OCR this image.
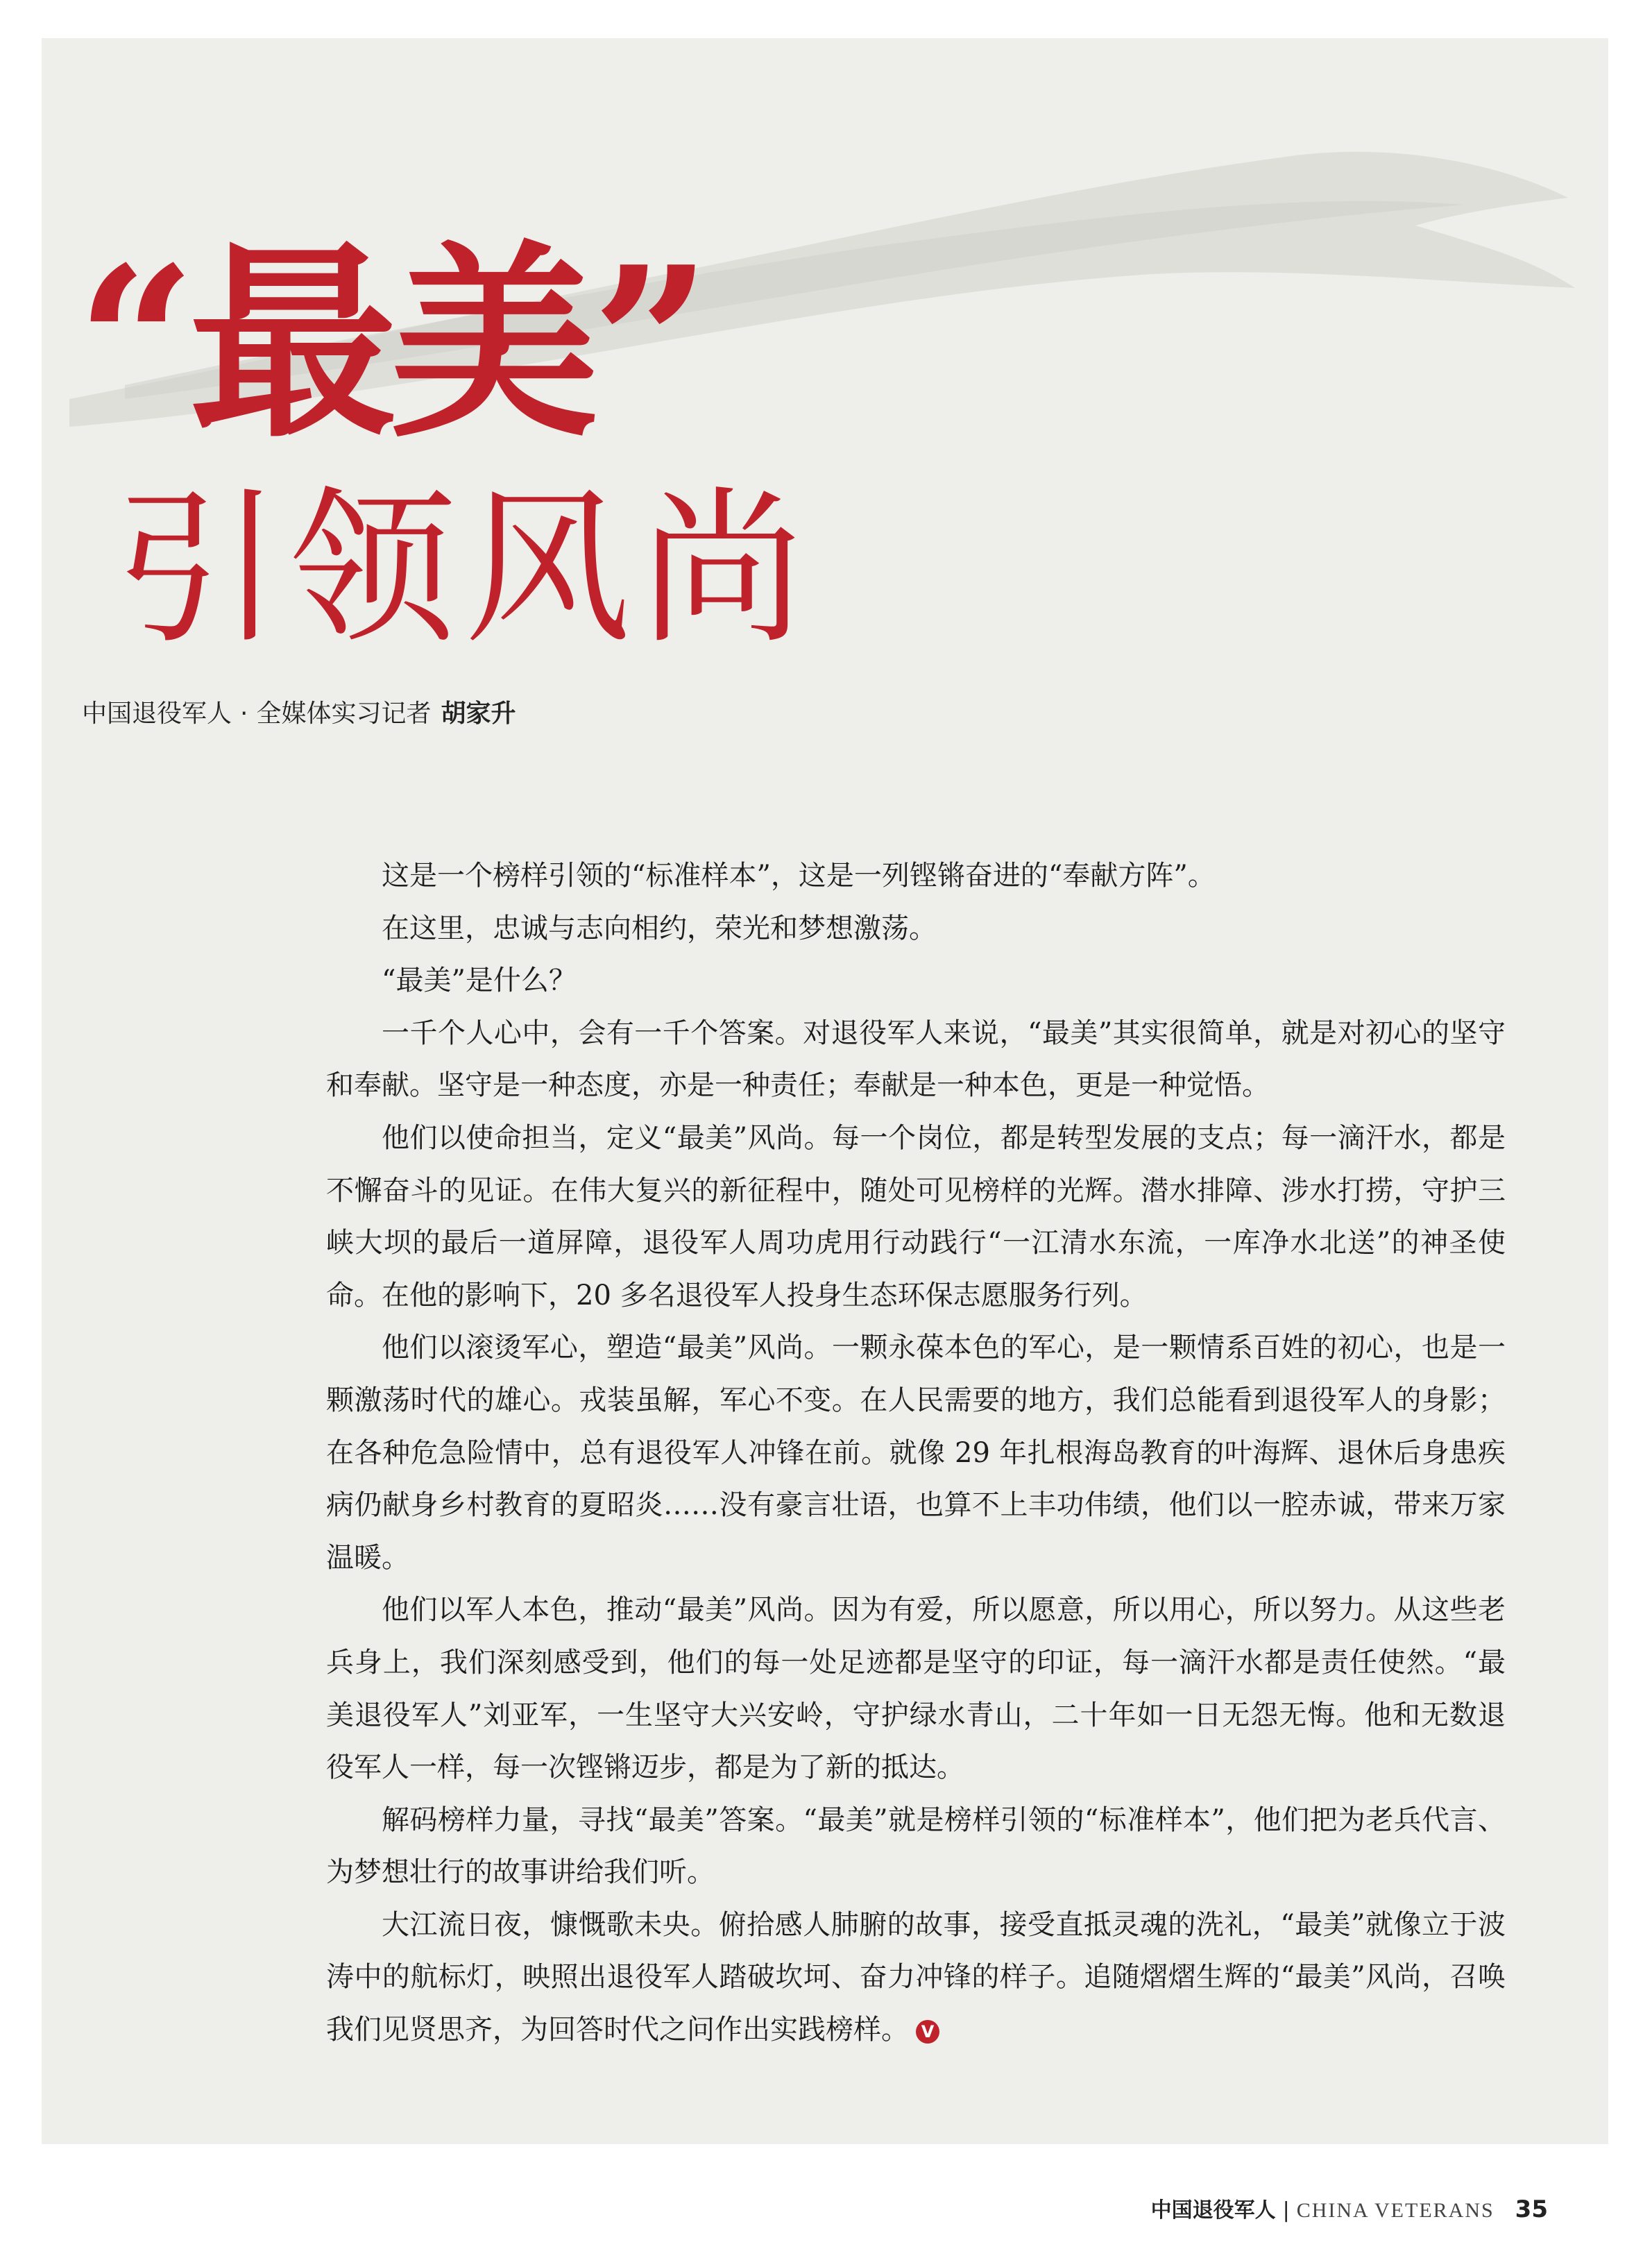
“最美”
引领风尚
中国退役军人 · 全媒体实习记者 胡家升

这是一个榜样引领的“标准样本”，这是一列铿锵奋进的“奉献方阵”。

在这里，忠诚与志向相约，荣光和梦想激荡。

“最美”是什么？

一千个人心中，会有一千个答案。对退役军人来说，“最美”其实很简单，就是对初心的坚守和奉献。坚守是一种态度，亦是一种责任；奉献是一种本色，更是一种觉悟。

他们以使命担当，定义“最美”风尚。每一个岗位，都是转型发展的支点；每一滴汗水，都是不懈奋斗的见证。在伟大复兴的新征程中，随处可见榜样的光辉。潜水排障、涉水打捞，守护三峡大坝的最后一道屏障，退役军人周功虎用行动践行“一江清水东流，一库净水北送”的神圣使命。在他的影响下，20 多名退役军人投身生态环保志愿服务行列。

他们以滚烫军心，塑造“最美”风尚。一颗永葆本色的军心，是一颗情系百姓的初心，也是一颗激荡时代的雄心。戎装虽解，军心不变。在人民需要的地方，我们总能看到退役军人的身影；在各种危急险情中，总有退役军人冲锋在前。就像 29 年扎根海岛教育的叶海辉、退休后身患疾病仍献身乡村教育的夏昭炎……没有豪言壮语，也算不上丰功伟绩，他们以一腔赤诚，带来万家温暖。

他们以军人本色，推动“最美”风尚。因为有爱，所以愿意，所以用心，所以努力。从这些老兵身上，我们深刻感受到，他们的每一处足迹都是坚守的印证，每一滴汗水都是责任使然。“最美退役军人”刘亚军，一生坚守大兴安岭，守护绿水青山，二十年如一日无怨无悔。他和无数退役军人一样，每一次铿锵迈步，都是为了新的抵达。

解码榜样力量，寻找“最美”答案。“最美”就是榜样引领的“标准样本”，他们把为老兵代言、为梦想壮行的故事讲给我们听。

大江流日夜，慷慨歌未央。俯拾感人肺腑的故事，接受直抵灵魂的洗礼，“最美”就像立于波涛中的航标灯，映照出退役军人踏破坎坷、奋力冲锋的样子。追随熠熠生辉的“最美”风尚，召唤我们见贤思齐，为回答时代之问作出实践榜样。 V

中国退役军人 | CHINA VETERANS 35
